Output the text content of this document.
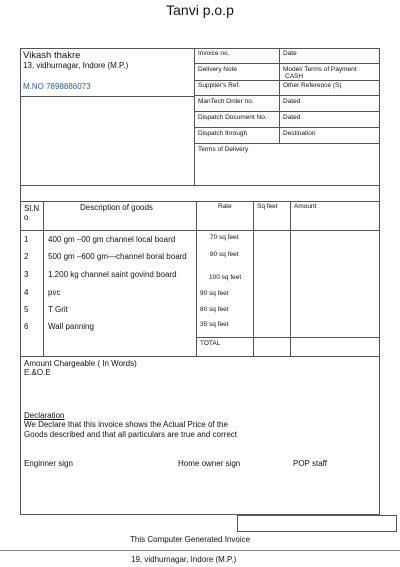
Tanvi p.o.p
Vikash thakre
13, vidhurnagar, Indore (M.P.)
M.NO 7898886073
Invoice no.	Date
Delivery Note	Model/ Terms of Payment
CASH
Supplier's Ref.	Other Reference (S)
ManTech Order no.	Dated
Dispatch Document No.	Dated
Dispatch through	Destination
Terms of Delivery
Sl.N
o
Description of goods	Rate	Sq feet	Amount
1 400 gm –00 gm channel local board	70 sq feet
2 500 gm –600 gm—channel boral board	80 sq feet
3 1.200 kg channel saint govind board	100 sq feet
4 pvc	90 sq feet
5 T Grit	80 sq feet
6 Wall panning	35 sq feet
TOTAL
Amount Chargeable ( In Words)
E.&O.E
Declaration
We Declare that this invoice shows the Actual Price of the
Goods described and that all particulars are true and correct
Enginner sign	Home owner sign	POP staff
This Computer Generated Invoice
19, vidhurnagar, Indore (M.P.)
